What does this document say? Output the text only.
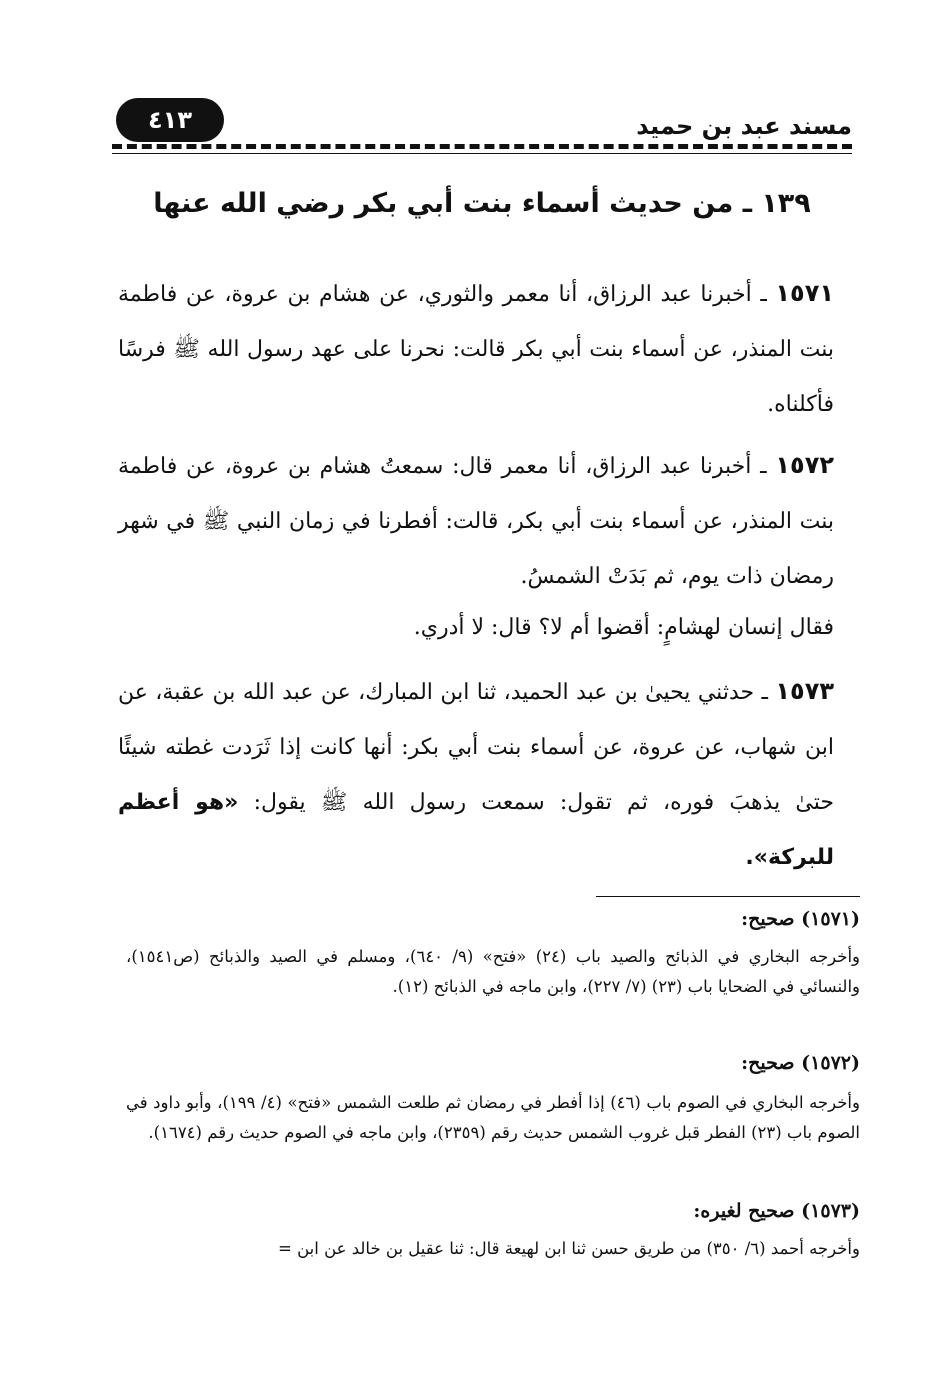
مسند عبد بن حميد
٤١٣
١٣٩ ـ من حديث أسماء بنت أبي بكر رضي الله عنها
١٥٧١ ـ أخبرنا عبد الرزاق، أنا معمر والثوري، عن هشام بن عروة، عن فاطمة بنت المنذر، عن أسماء بنت أبي بكر قالت: نحرنا على عهد رسول الله ﷺ فرسًا فأكلناه.
١٥٧٢ ـ أخبرنا عبد الرزاق، أنا معمر قال: سمعتُ هشام بن عروة، عن فاطمة بنت المنذر، عن أسماء بنت أبي بكر، قالت: أفطرنا في زمان النبي ﷺ في شهر رمضان ذات يوم، ثم بَدَتْ الشمسُ.
فقال إنسان لهشامٍ: أقضوا أم لا؟ قال: لا أدري.
١٥٧٣ ـ حدثني يحيىٰ بن عبد الحميد، ثنا ابن المبارك، عن عبد الله بن عقبة، عن ابن شهاب، عن عروة، عن أسماء بنت أبي بكر: أنها كانت إذا ثَرَدت غطته شيئًا حتىٰ يذهبَ فوره، ثم تقول: سمعت رسول الله ﷺ يقول: «هو أعظم للبركة».
(١٥٧١) صحيح:
وأخرجه البخاري في الذبائح والصيد باب (٢٤) «فتح» (٩/ ٦٤٠)، ومسلم في الصيد والذبائح (ص١٥٤١)، والنسائي في الضحايا باب (٢٣) (٧/ ٢٢٧)، وابن ماجه في الذبائح (١٢).
(١٥٧٢) صحيح:
وأخرجه البخاري في الصوم باب (٤٦) إذا أفطر في رمضان ثم طلعت الشمس «فتح» (٤/ ١٩٩)، وأبو داود في الصوم باب (٢٣) الفطر قبل غروب الشمس حديث رقم (٢٣٥٩)، وابن ماجه في الصوم حديث رقم (١٦٧٤).
(١٥٧٣) صحيح لغيره:
وأخرجه أحمد (٦/ ٣٥٠) من طريق حسن ثنا ابن لهيعة قال: ثنا عقيل بن خالد عن ابن =
